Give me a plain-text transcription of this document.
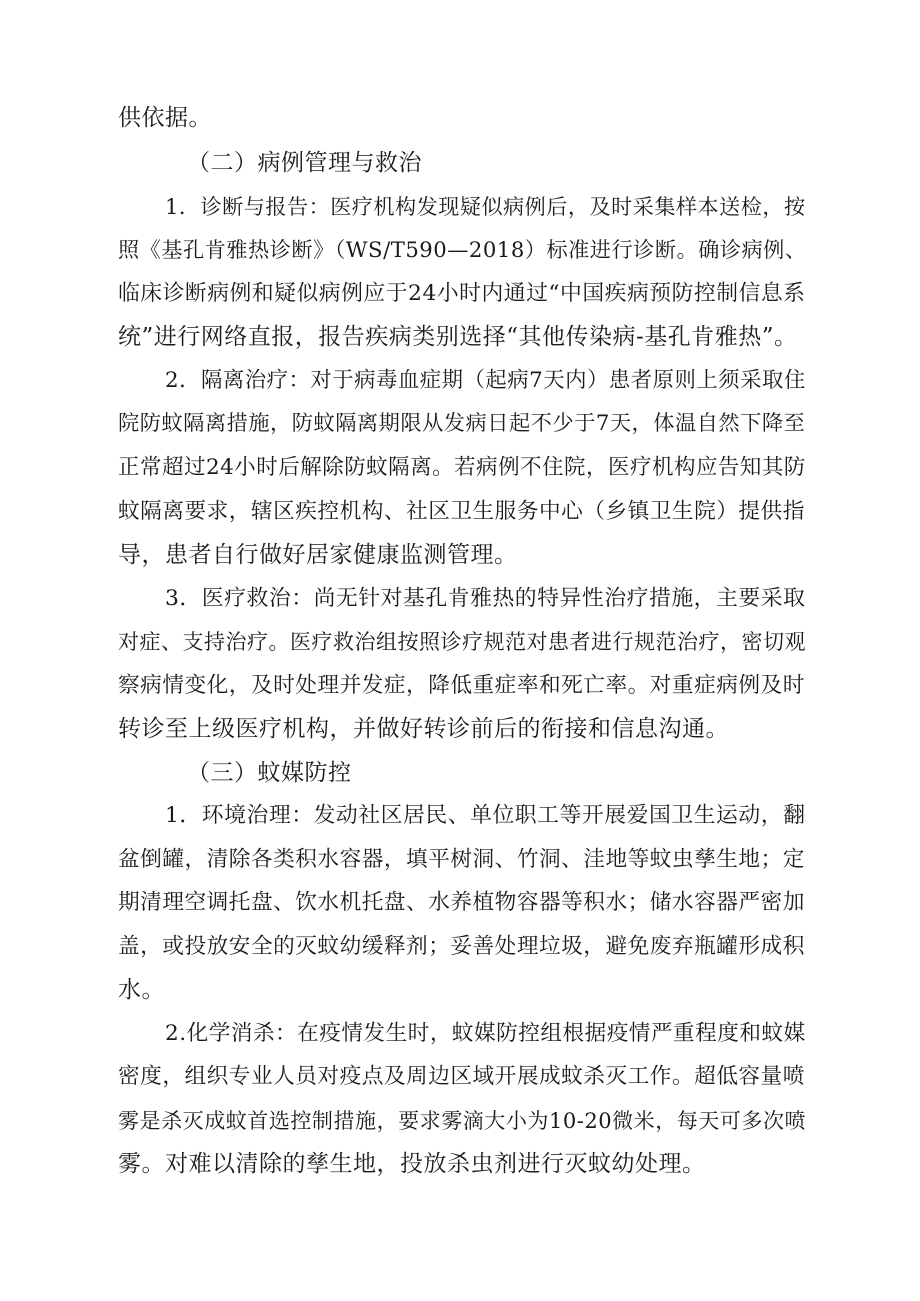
供依据。
（二）病例管理与救治
1．诊断与报告：医疗机构发现疑似病例后，及时采集样本送检，按
照《基孔肯雅热诊断》（WS/T590—2018）标准进行诊断。确诊病例、
临床诊断病例和疑似病例应于24小时内通过“中国疾病预防控制信息系
统”进行网络直报，报告疾病类别选择“其他传染病-基孔肯雅热”。
2．隔离治疗：对于病毒血症期（起病7天内）患者原则上须采取住
院防蚊隔离措施，防蚊隔离期限从发病日起不少于7天，体温自然下降至
正常超过24小时后解除防蚊隔离。若病例不住院，医疗机构应告知其防
蚊隔离要求，辖区疾控机构、社区卫生服务中心（乡镇卫生院）提供指
导，患者自行做好居家健康监测管理。
3．医疗救治：尚无针对基孔肯雅热的特异性治疗措施，主要采取
对症、支持治疗。医疗救治组按照诊疗规范对患者进行规范治疗，密切观
察病情变化，及时处理并发症，降低重症率和死亡率。对重症病例及时
转诊至上级医疗机构，并做好转诊前后的衔接和信息沟通。
（三）蚊媒防控
1．环境治理：发动社区居民、单位职工等开展爱国卫生运动，翻
盆倒罐，清除各类积水容器，填平树洞、竹洞、洼地等蚊虫孳生地；定
期清理空调托盘、饮水机托盘、水养植物容器等积水；储水容器严密加
盖，或投放安全的灭蚊幼缓释剂；妥善处理垃圾，避免废弃瓶罐形成积
水。
2.化学消杀：在疫情发生时，蚊媒防控组根据疫情严重程度和蚊媒
密度，组织专业人员对疫点及周边区域开展成蚊杀灭工作。超低容量喷
雾是杀灭成蚊首选控制措施，要求雾滴大小为10-20微米，每天可多次喷
雾。对难以清除的孳生地，投放杀虫剂进行灭蚊幼处理。
